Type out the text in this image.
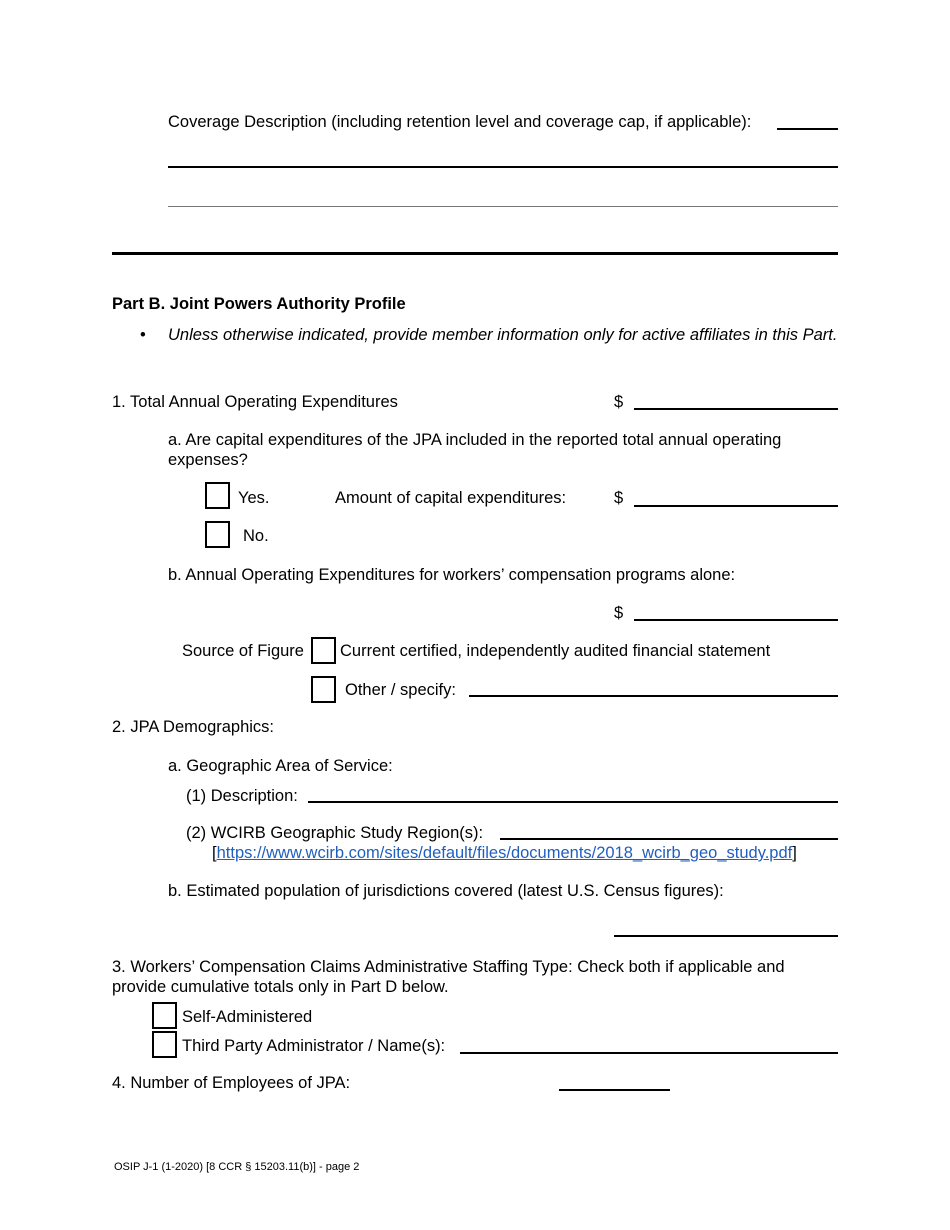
Coverage Description (including retention level and coverage cap, if applicable):
Part B. Joint Powers Authority Profile
• Unless otherwise indicated, provide member information only for active affiliates in this Part.
1. Total Annual Operating Expenditures	$
a. Are capital expenditures of the JPA included in the reported total annual operating expenses?
Yes.	Amount of capital expenditures:	$
No.
b. Annual Operating Expenditures for workers’ compensation programs alone:
$
Source of Figure Current certified, independently audited financial statement
Other / specify:
2. JPA Demographics:
a. Geographic Area of Service:
(1) Description:
(2) WCIRB Geographic Study Region(s):
[https://www.wcirb.com/sites/default/files/documents/2018_wcirb_geo_study.pdf]
b. Estimated population of jurisdictions covered (latest U.S. Census figures):
3. Workers’ Compensation Claims Administrative Staffing Type: Check both if applicable and provide cumulative totals only in Part D below.
Self-Administered
Third Party Administrator / Name(s):
4. Number of Employees of JPA:
OSIP J-1 (1-2020) [8 CCR § 15203.11(b)] - page 2
